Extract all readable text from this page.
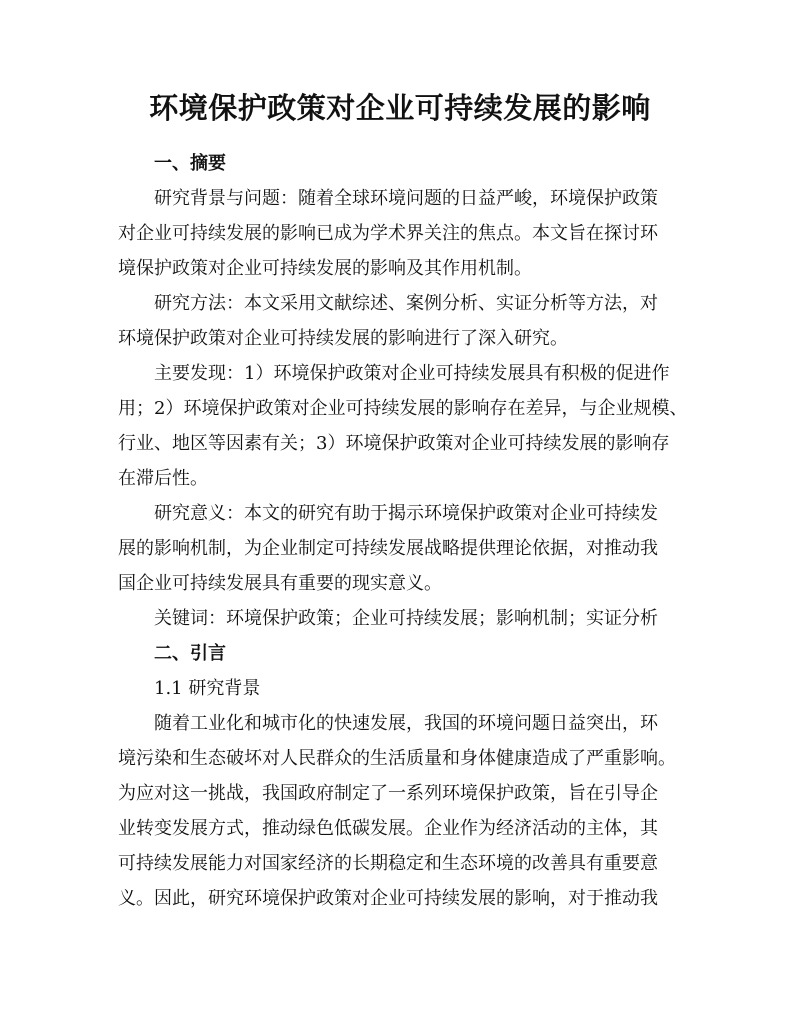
环境保护政策对企业可持续发展的影响
一、摘要

研究背景与问题：随着全球环境问题的日益严峻，环境保护政策
对企业可持续发展的影响已成为学术界关注的焦点。本文旨在探讨环
境保护政策对企业可持续发展的影响及其作用机制。

研究方法：本文采用文献综述、案例分析、实证分析等方法，对
环境保护政策对企业可持续发展的影响进行了深入研究。

主要发现：1）环境保护政策对企业可持续发展具有积极的促进作
用；2）环境保护政策对企业可持续发展的影响存在差异，与企业规模、
行业、地区等因素有关；3）环境保护政策对企业可持续发展的影响存
在滞后性。

研究意义：本文的研究有助于揭示环境保护政策对企业可持续发
展的影响机制，为企业制定可持续发展战略提供理论依据，对推动我
国企业可持续发展具有重要的现实意义。

关键词：环境保护政策；企业可持续发展；影响机制；实证分析

二、引言
1.1 研究背景

随着工业化和城市化的快速发展，我国的环境问题日益突出，环
境污染和生态破坏对人民群众的生活质量和身体健康造成了严重影响。
为应对这一挑战，我国政府制定了一系列环境保护政策，旨在引导企
业转变发展方式，推动绿色低碳发展。企业作为经济活动的主体，其
可持续发展能力对国家经济的长期稳定和生态环境的改善具有重要意
义。因此，研究环境保护政策对企业可持续发展的影响，对于推动我
